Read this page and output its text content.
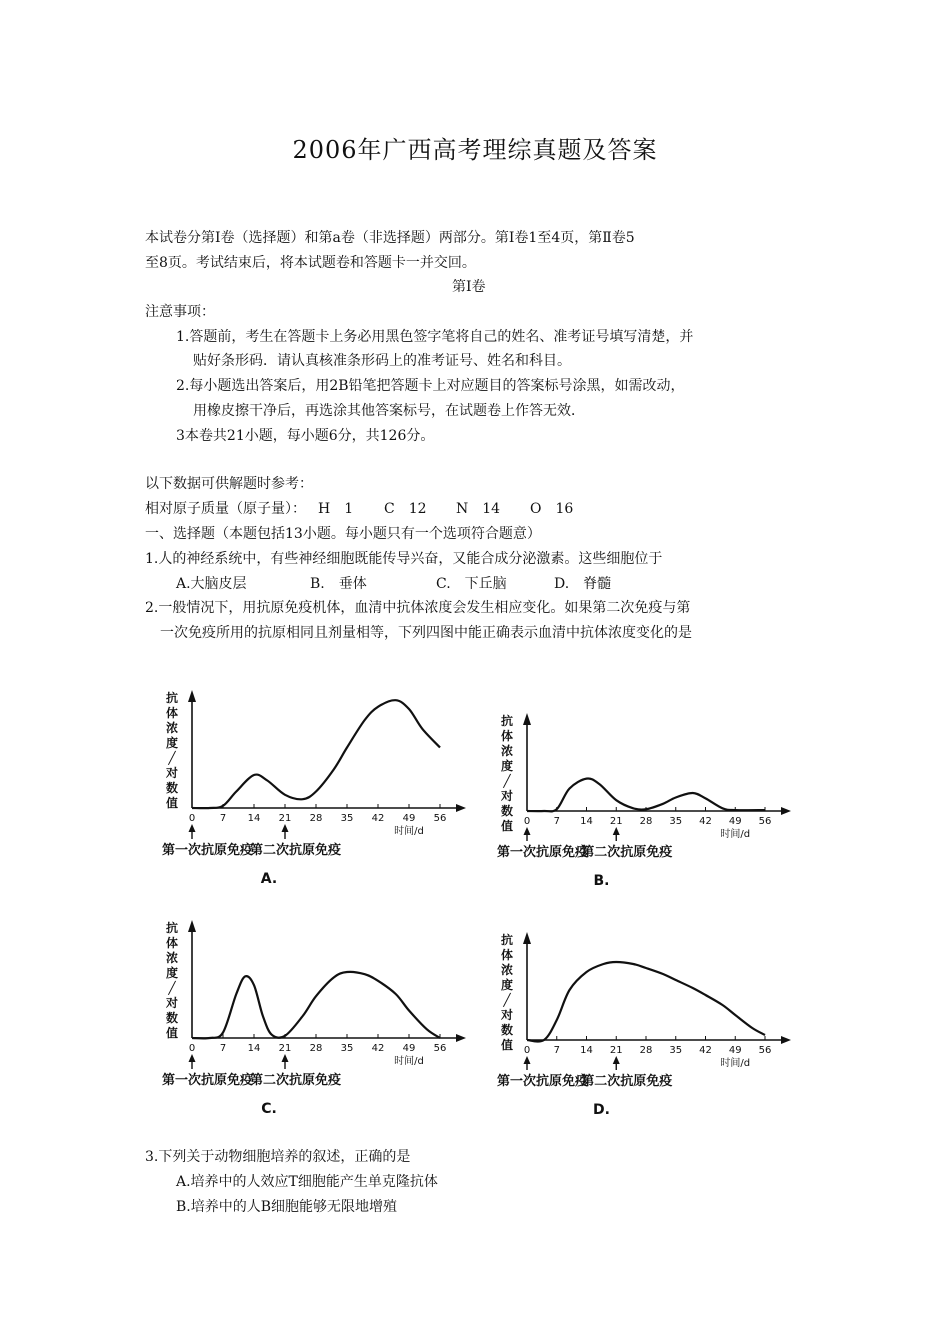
2006年广西高考理综真题及答案
本试卷分第Ⅰ卷（选择题）和第a卷（非选择题）两部分。第Ⅰ卷1至4页，第Ⅱ卷5
至8页。考试结束后，将本试题卷和答题卡一并交回。
第Ⅰ卷
注意事项：
1.答题前，考生在答题卡上务必用黑色签字笔将自己的姓名、准考证号填写清楚，并
贴好条形码．请认真核准条形码上的准考证号、姓名和科目。
2.每小题选出答案后，用2B铅笔把答题卡上对应题目的答案标号涂黑，如需改动，
用橡皮擦干净后，再选涂其他答案标号，在试题卷上作答无效．
3本卷共21小题，每小题6分，共126分。
以下数据可供解题时参考：
相对原子质量（原子量）： H　1 C　12 N　14 O　16
一、选择题（本题包括13小题。每小题只有一个选项符合题意）
1.人的神经系统中，有些神经细胞既能传导兴奋，又能合成分泌激素。这些细胞位于
A.大脑皮层	B.　垂体	C.　下丘脑	D.　脊髓
2.一般情况下，用抗原免疫机体，血清中抗体浓度会发生相应变化。如果第二次免疫与第
一次免疫所用的抗原相同且剂量相等，下列四图中能正确表示血清中抗体浓度变化的是
抗
体
浓
度
╱
对
数
值
0 7 14 21 28 35 42 49 56
时间/d
第一次抗原免疫
第二次抗原免疫
A.
抗
体
浓
度
╱
对
数
值 0 7 14 21 28 35 42 49 56
时间/d
第一次抗原免疫
第二次抗原免疫
B.
抗
体
浓
度
╱
对
数
值
0 7 14 21 28 35 42 49 56
时间/d
第一次抗原免疫
第二次抗原免疫
C.
抗
体
浓
度
╱
对
数
值 0 7 14 21 28 35 42 49 56
时间/d
第一次抗原免疫
第二次抗原免疫
D.
3.下列关于动物细胞培养的叙述，正确的是
A.培养中的人效应T细胞能产生单克隆抗体
B.培养中的人B细胞能够无限地增殖
